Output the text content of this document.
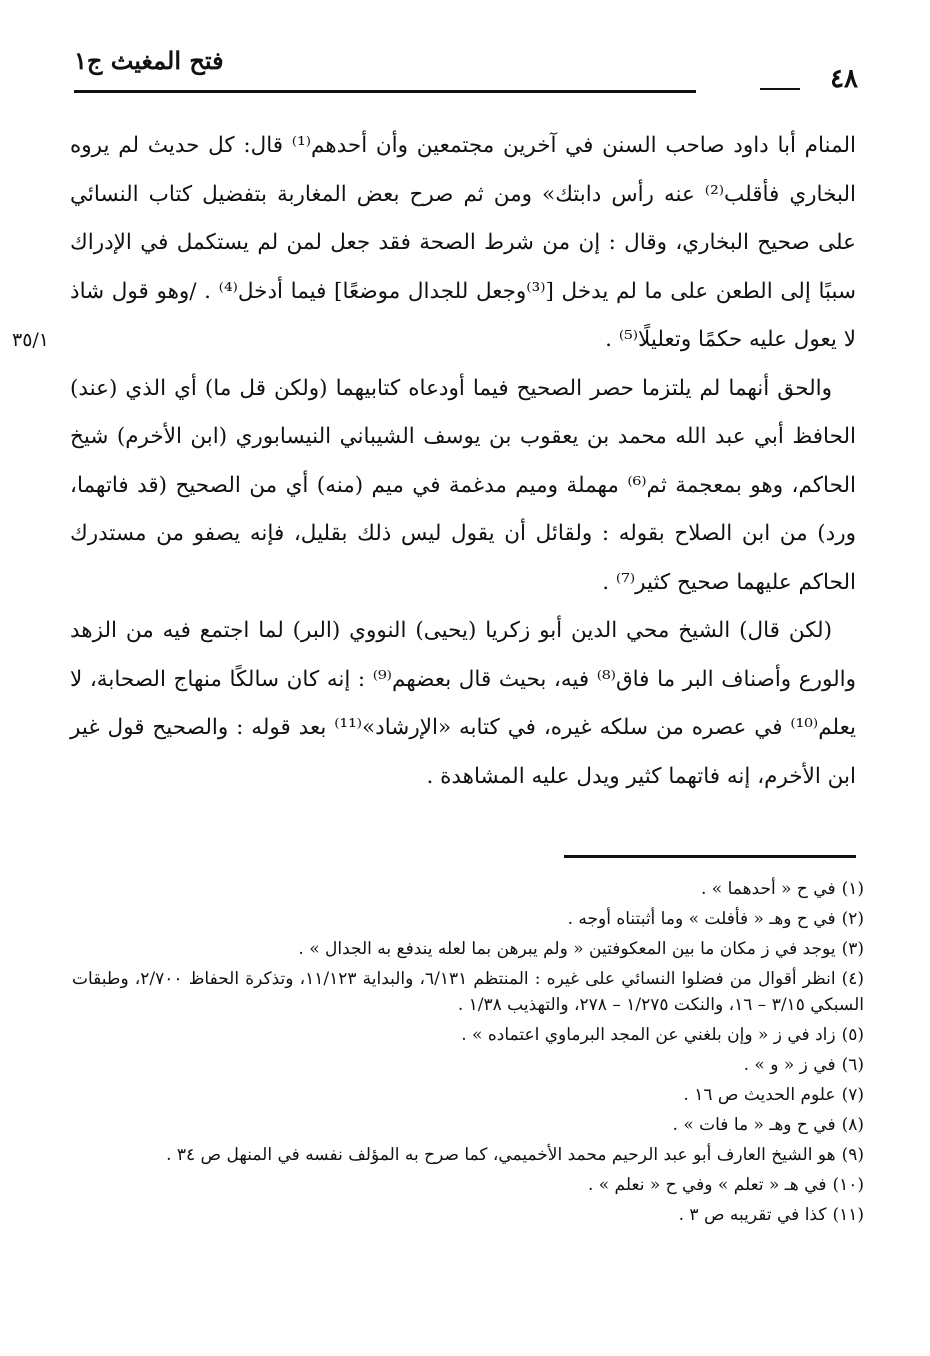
٤٨
فتح المغيث ج١
٣٥/١

المنام أبا داود صاحب السنن في آخرين مجتمعين وأن أحدهم⁽¹⁾ قال: كل حديث لم يروه البخاري فأقلب⁽²⁾ عنه رأس دابتك» ومن ثم صرح بعض المغاربة بتفضيل كتاب النسائي على صحيح البخاري، وقال : إن من شرط الصحة فقد جعل لمن لم يستكمل في الإدراك سببًا إلى الطعن على ما لم يدخل [⁽³⁾وجعل للجدال موضعًا] فيما أدخل⁽⁴⁾ . /وهو قول شاذ لا يعول عليه حكمًا وتعليلًا⁽⁵⁾ .

والحق أنهما لم يلتزما حصر الصحيح فيما أودعاه كتابيهما (ولكن قل ما) أي الذي (عند) الحافظ أبي عبد الله محمد بن يعقوب بن يوسف الشيباني النيسابوري (ابن الأخرم) شيخ الحاكم، وهو بمعجمة ثم⁽⁶⁾ مهملة وميم مدغمة في ميم (منه) أي من الصحيح (قد فاتهما، ورد) من ابن الصلاح بقوله : ولقائل أن يقول ليس ذلك بقليل، فإنه يصفو من مستدرك الحاكم عليهما صحيح كثير⁽⁷⁾ .

(لكن قال) الشيخ محي الدين أبو زكريا (يحيى) النووي (البر) لما اجتمع فيه من الزهد والورع وأصناف البر ما فاق⁽⁸⁾ فيه، بحيث قال بعضهم⁽⁹⁾ : إنه كان سالكًا منهاج الصحابة، لا يعلم⁽¹⁰⁾ في عصره من سلكه غيره، في كتابه «الإرشاد»⁽¹¹⁾ بعد قوله : والصحيح قول غير ابن الأخرم، إنه فاتهما كثير ويدل عليه المشاهدة .

(١)في ح « أحدهما » .

(٢)في ح وهـ « فأفلت » وما أثبتناه أوجه .

(٣)يوجد في ز مكان ما بين المعكوفتين « ولم يبرهن بما لعله يندفع به الجدال » .

(٤)انظر أقوال من فضلوا النسائي على غيره : المنتظم ٦/١٣١، والبداية ١١/١٢٣، وتذكرة الحفاظ ٢/٧٠٠، وطبقات السبكي ٣/١٥ – ١٦، والنكت ١/٢٧٥ – ٢٧٨، والتهذيب ١/٣٨ .

(٥)زاد في ز « وإن بلغني عن المجد البرماوي اعتماده » .

(٦)في ز « و » .

(٧)علوم الحديث ص ١٦ .

(٨)في ح وهـ « ما فات » .

(٩)هو الشيخ العارف أبو عبد الرحيم محمد الأخميمي، كما صرح به المؤلف نفسه في المنهل ص ٣٤ .

(١٠)في هـ « تعلم » وفي ح « نعلم » .

(١١)كذا في تقريبه ص ٣ .
